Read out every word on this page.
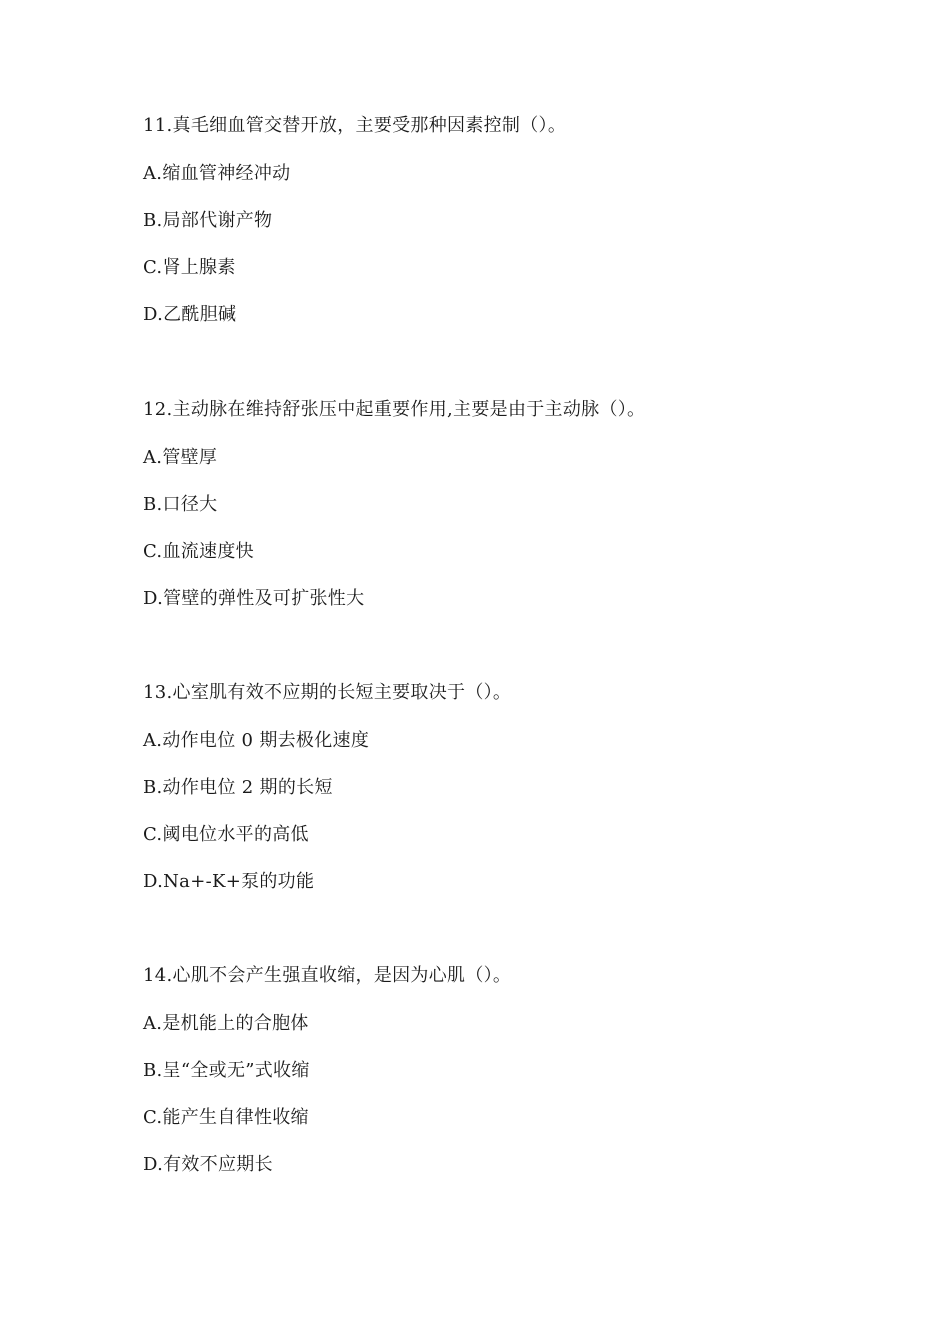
11.真毛细血管交替开放，主要受那种因素控制（）。
A.缩血管神经冲动
B.局部代谢产物
C.肾上腺素
D.乙酰胆碱
12.主动脉在维持舒张压中起重要作用,主要是由于主动脉（）。
A.管壁厚
B.口径大
C.血流速度快
D.管壁的弹性及可扩张性大
13.心室肌有效不应期的长短主要取决于（）。
A.动作电位 0 期去极化速度
B.动作电位 2 期的长短
C.阈电位水平的高低
D.Na+-K+泵的功能
14.心肌不会产生强直收缩，是因为心肌（）。
A.是机能上的合胞体
B.呈“全或无”式收缩
C.能产生自律性收缩
D.有效不应期长
